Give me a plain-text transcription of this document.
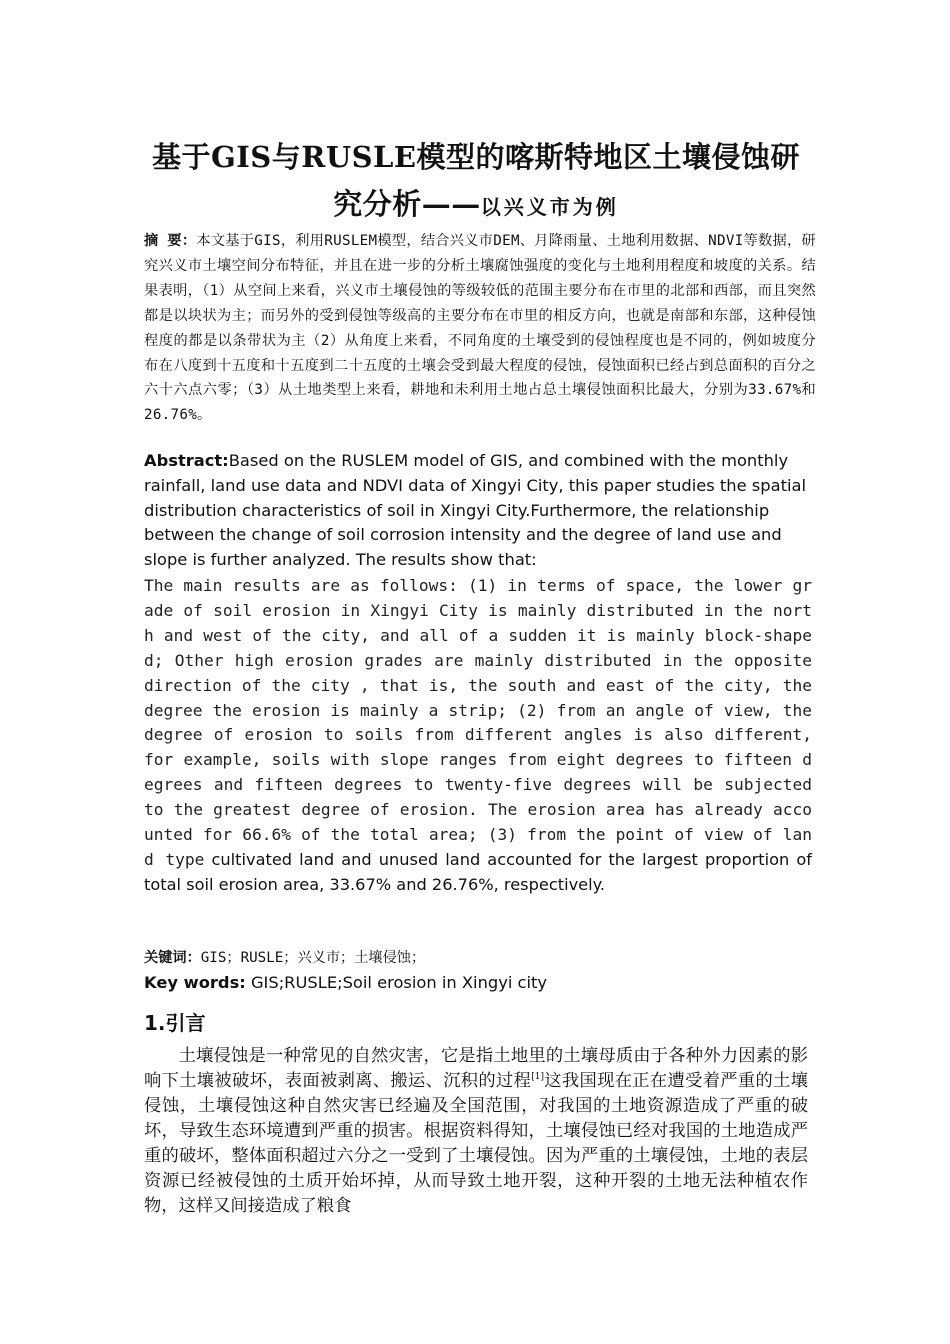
基于GIS与RUSLE模型的喀斯特地区土壤侵蚀研究分析——以兴义市为例

摘 要：本文基于GIS，利用RUSLEM模型，结合兴义市DEM、月降雨量、土地利用数据、NDVI等数据，研究兴义市土壤空间分布特征，并且在进一步的分析土壤腐蚀强度的变化与土地利用程度和坡度的关系。结果表明，（1）从空间上来看，兴义市土壤侵蚀的等级较低的范围主要分布在市里的北部和西部，而且突然都是以块状为主；而另外的受到侵蚀等级高的主要分布在市里的相反方向，也就是南部和东部，这种侵蚀程度的都是以条带状为主（2）从角度上来看，不同角度的土壤受到的侵蚀程度也是不同的，例如坡度分布在八度到十五度和十五度到二十五度的土壤会受到最大程度的侵蚀，侵蚀面积已经占到总面积的百分之六十六点六零；（3）从土地类型上来看，耕地和未利用土地占总土壤侵蚀面积比最大，分别为33.67%和26.76%。

Abstract:Based on the RUSLEM model of GIS, and combined with the monthly rainfall, land use data and NDVI data of Xingyi City, this paper studies the spatial distribution characteristics of soil in Xingyi City.Furthermore, the relationship between the change of soil corrosion intensity and the degree of land use and slope is further analyzed. The results show that:

The main results are as follows: (1) in terms of space, the lower grade of soil erosion in Xingyi City is mainly distributed in the north and west of the city, and all of a sudden it is mainly block-shaped; Other high erosion grades are mainly distributed in the opposite direction of the city , that is, the south and east of the city, the degree the erosion is mainly a strip; (2) from an angle of view, the degree of erosion to soils from different angles is also different, for example, soils with slope ranges from eight degrees to fifteen degrees and fifteen degrees to twenty-five degrees will be subjected to the greatest degree of erosion. The erosion area has already accounted for 66.6% of the total area; (3) from the point of view of land type cultivated land and unused land accounted for the largest proportion of total soil erosion area, 33.67% and 26.76%, respectively.

关键词：GIS；RUSLE；兴义市；土壤侵蚀；

Key words: GIS;RUSLE;Soil erosion in Xingyi city

1.引言

土壤侵蚀是一种常见的自然灾害，它是指土地里的土壤母质由于各种外力因素的影响下土壤被破坏，表面被剥离、搬运、沉积的过程[1]这我国现在正在遭受着严重的土壤侵蚀，土壤侵蚀这种自然灾害已经遍及全国范围，对我国的土地资源造成了严重的破坏，导致生态环境遭到严重的损害。根据资料得知，土壤侵蚀已经对我国的土地造成严重的破坏，整体面积超过六分之一受到了土壤侵蚀。因为严重的土壤侵蚀，土地的表层资源已经被侵蚀的土质开始坏掉，从而导致土地开裂，这种开裂的土地无法种植农作物，这样又间接造成了粮食
